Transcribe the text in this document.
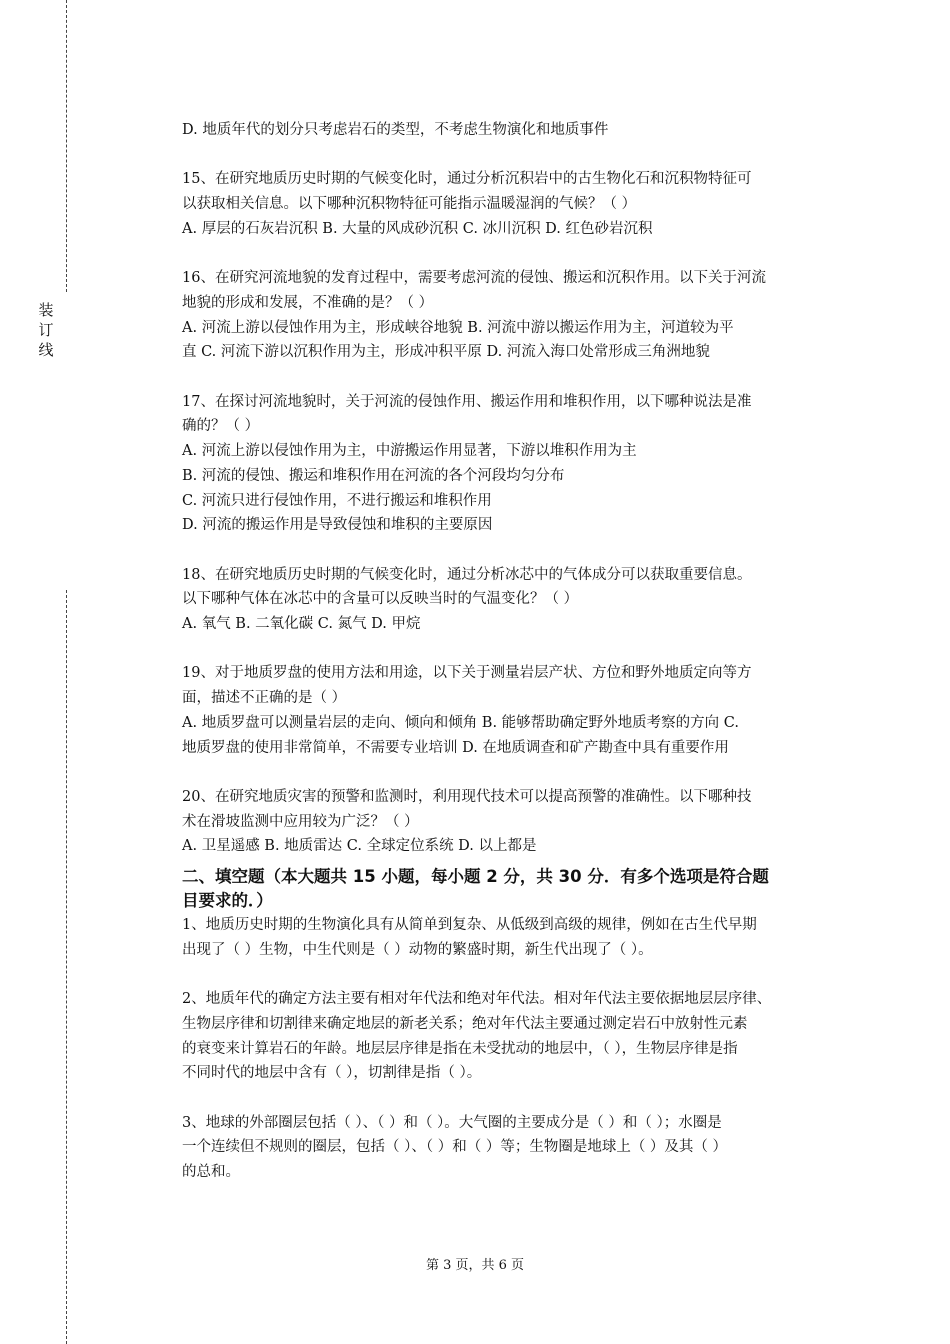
装
订
线
D. 地质年代的划分只考虑岩石的类型，不考虑生物演化和地质事件
15、在研究地质历史时期的气候变化时，通过分析沉积岩中的古生物化石和沉积物特征可
以获取相关信息。以下哪种沉积物特征可能指示温暖湿润的气候？（ ）
A. 厚层的石灰岩沉积 B. 大量的风成砂沉积 C. 冰川沉积 D. 红色砂岩沉积
16、在研究河流地貌的发育过程中，需要考虑河流的侵蚀、搬运和沉积作用。以下关于河流
地貌的形成和发展，不准确的是？（ ）
A. 河流上游以侵蚀作用为主，形成峡谷地貌 B. 河流中游以搬运作用为主，河道较为平
直 C. 河流下游以沉积作用为主，形成冲积平原 D. 河流入海口处常形成三角洲地貌
17、在探讨河流地貌时，关于河流的侵蚀作用、搬运作用和堆积作用，以下哪种说法是准
确的？（ ）
A. 河流上游以侵蚀作用为主，中游搬运作用显著，下游以堆积作用为主
B. 河流的侵蚀、搬运和堆积作用在河流的各个河段均匀分布
C. 河流只进行侵蚀作用，不进行搬运和堆积作用
D. 河流的搬运作用是导致侵蚀和堆积的主要原因
18、在研究地质历史时期的气候变化时，通过分析冰芯中的气体成分可以获取重要信息。
以下哪种气体在冰芯中的含量可以反映当时的气温变化？（ ）
A. 氧气 B. 二氧化碳 C. 氮气 D. 甲烷
19、对于地质罗盘的使用方法和用途，以下关于测量岩层产状、方位和野外地质定向等方
面，描述不正确的是（ ）
A. 地质罗盘可以测量岩层的走向、倾向和倾角 B. 能够帮助确定野外地质考察的方向 C.
地质罗盘的使用非常简单，不需要专业培训 D. 在地质调查和矿产勘查中具有重要作用
20、在研究地质灾害的预警和监测时，利用现代技术可以提高预警的准确性。以下哪种技
术在滑坡监测中应用较为广泛？（ ）
A. 卫星遥感 B. 地质雷达 C. 全球定位系统 D. 以上都是
二、填空题（本大题共 15 小题，每小题 2 分，共 30 分．有多个选项是符合题
目要求的．）
1、地质历史时期的生物演化具有从简单到复杂、从低级到高级的规律，例如在古生代早期
出现了（ ）生物，中生代则是（ ）动物的繁盛时期，新生代出现了（ ）。
2、地质年代的确定方法主要有相对年代法和绝对年代法。相对年代法主要依据地层层序律、
生物层序律和切割律来确定地层的新老关系；绝对年代法主要通过测定岩石中放射性元素
的衰变来计算岩石的年龄。地层层序律是指在未受扰动的地层中，（ ），生物层序律是指
不同时代的地层中含有（ ），切割律是指（ ）。
3、地球的外部圈层包括（ ）、（ ）和（ ）。大气圈的主要成分是（ ）和（ ）；水圈是
一个连续但不规则的圈层，包括（ ）、（ ）和（ ）等；生物圈是地球上（ ）及其（ ）
的总和。
第 3 页，共 6 页
